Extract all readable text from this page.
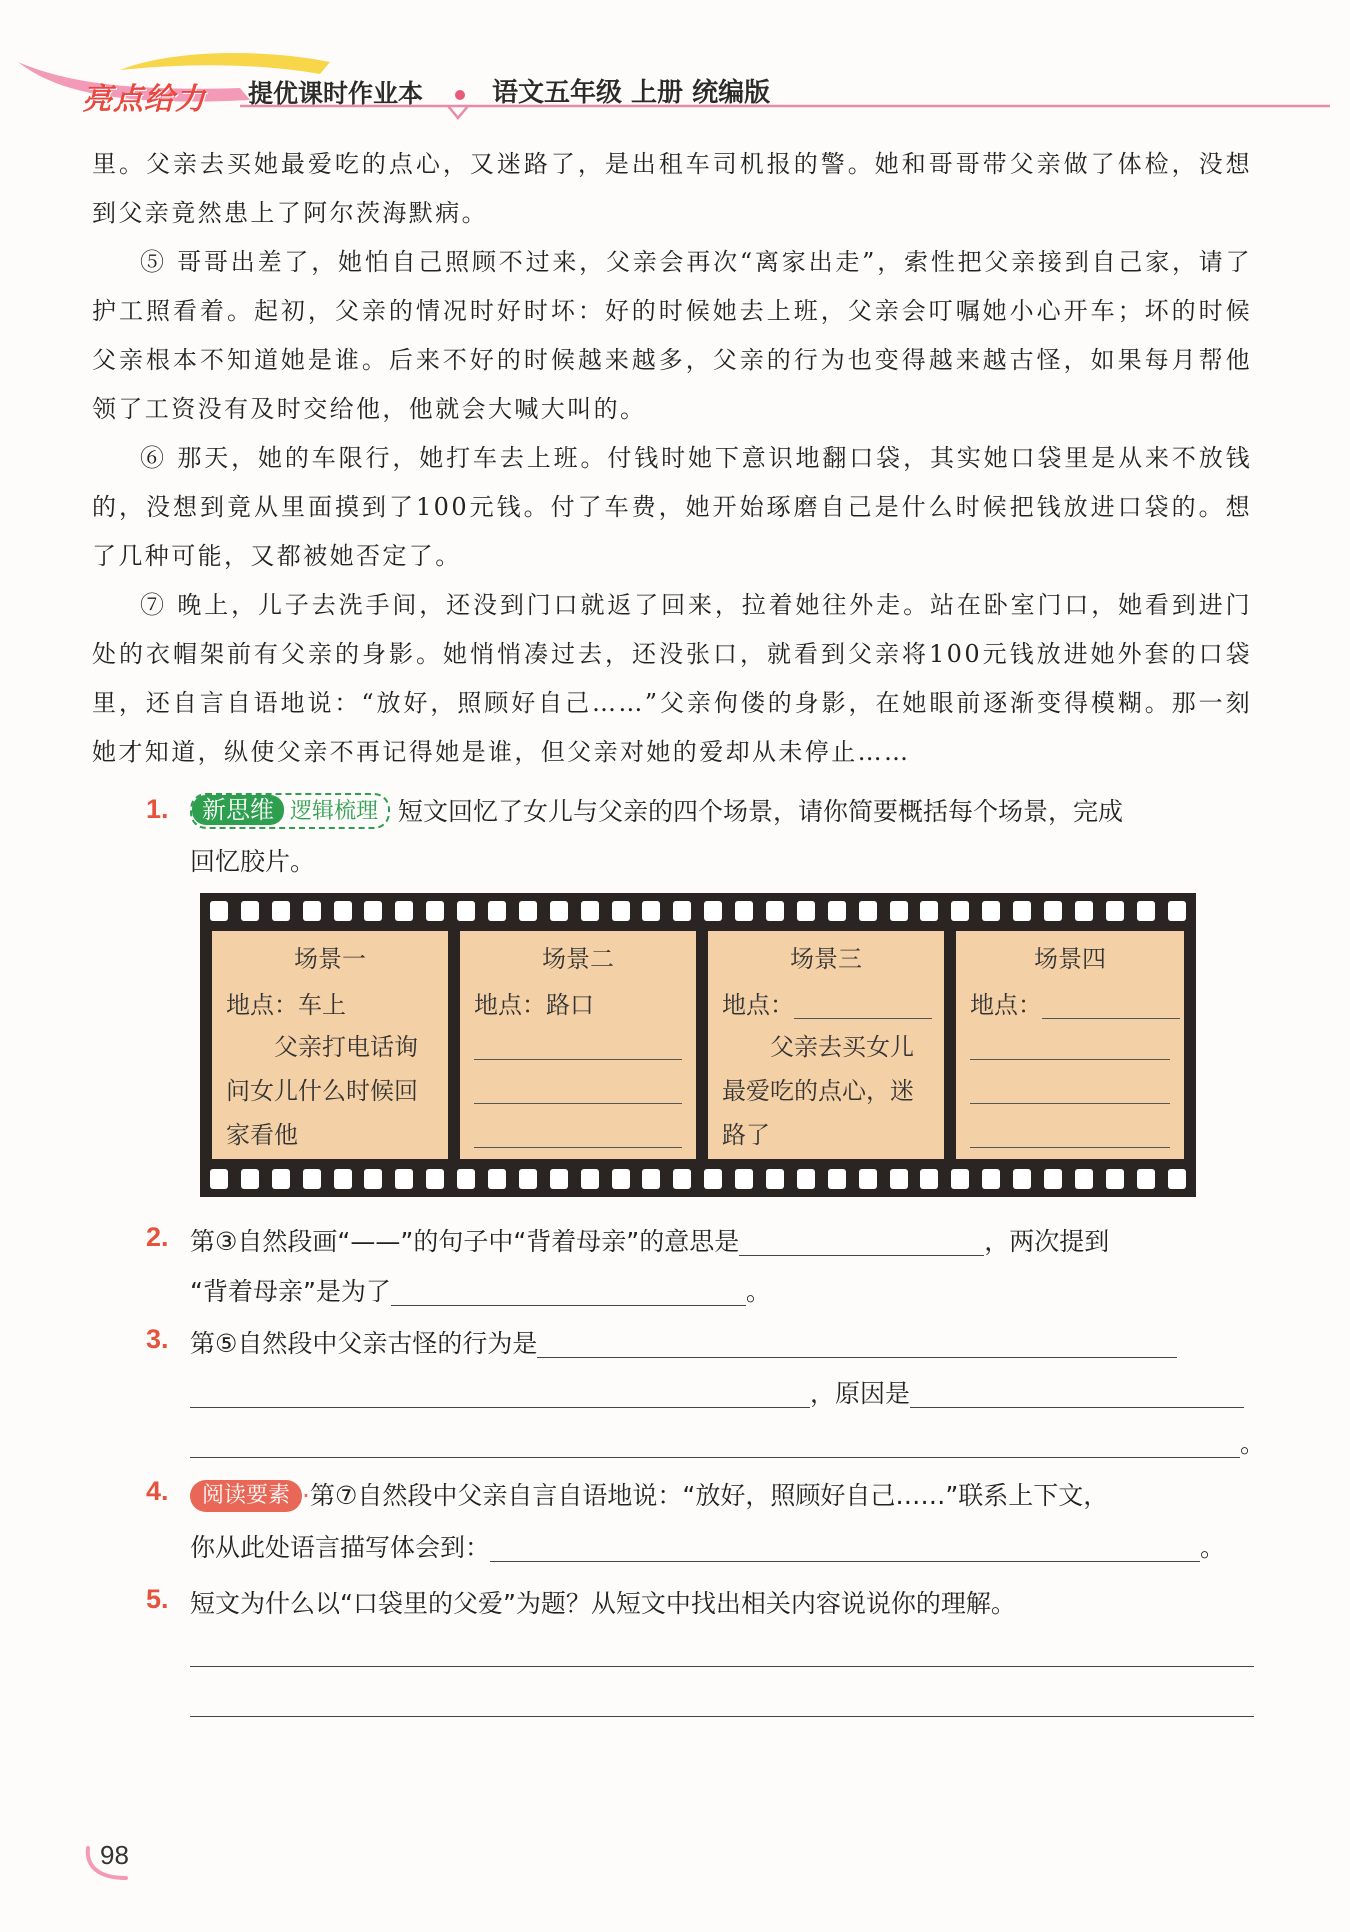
亮点给力 提优课时作业本	语文五年级 上册 统编版

里。父亲去买她最爱吃的点心，又迷路了，是出租车司机报的警。她和哥哥带父亲做了体检，没想到父亲竟然患上了阿尔茨海默病。

⑤ 哥哥出差了，她怕自己照顾不过来，父亲会再次“离家出走”，索性把父亲接到自己家，请了护工照看着。起初，父亲的情况时好时坏：好的时候她去上班，父亲会叮嘱她小心开车；坏的时候父亲根本不知道她是谁。后来不好的时候越来越多，父亲的行为也变得越来越古怪，如果每月帮他领了工资没有及时交给他，他就会大喊大叫的。

⑥ 那天，她的车限行，她打车去上班。付钱时她下意识地翻口袋，其实她口袋里是从来不放钱的，没想到竟从里面摸到了100元钱。付了车费，她开始琢磨自己是什么时候把钱放进口袋的。想了几种可能，又都被她否定了。

⑦ 晚上，儿子去洗手间，还没到门口就返了回来，拉着她往外走。站在卧室门口，她看到进门处的衣帽架前有父亲的身影。她悄悄凑过去，还没张口，就看到父亲将100元钱放进她外套的口袋里，还自言自语地说：“放好，照顾好自己……”父亲佝偻的身影，在她眼前逐渐变得模糊。那一刻她才知道，纵使父亲不再记得她是谁，但父亲对她的爱却从未停止……

1.	新思维 逻辑梳理 短文回忆了女儿与父亲的四个场景，请你简要概括每个场景，完成
回忆胶片。
场景一
地点：车上
父亲打电话询问女儿什么时候回家看他
场景二
地点：路口
场景三
地点：
父亲去买女儿最爱吃的点心，迷路了
场景四
地点：
2. 第③自然段画“——”的句子中“背着母亲”的意思是	，两次提到
“背着母亲”是为了	。
3. 第⑤自然段中父亲古怪的行为是
，原因是
。
4.	阅读要素 ·第⑦自然段中父亲自言自语地说：“放好，照顾好自己……”联系上下文，
你从此处语言描写体会到：	。
5. 短文为什么以“口袋里的父爱”为题？从短文中找出相关内容说说你的理解。
98
